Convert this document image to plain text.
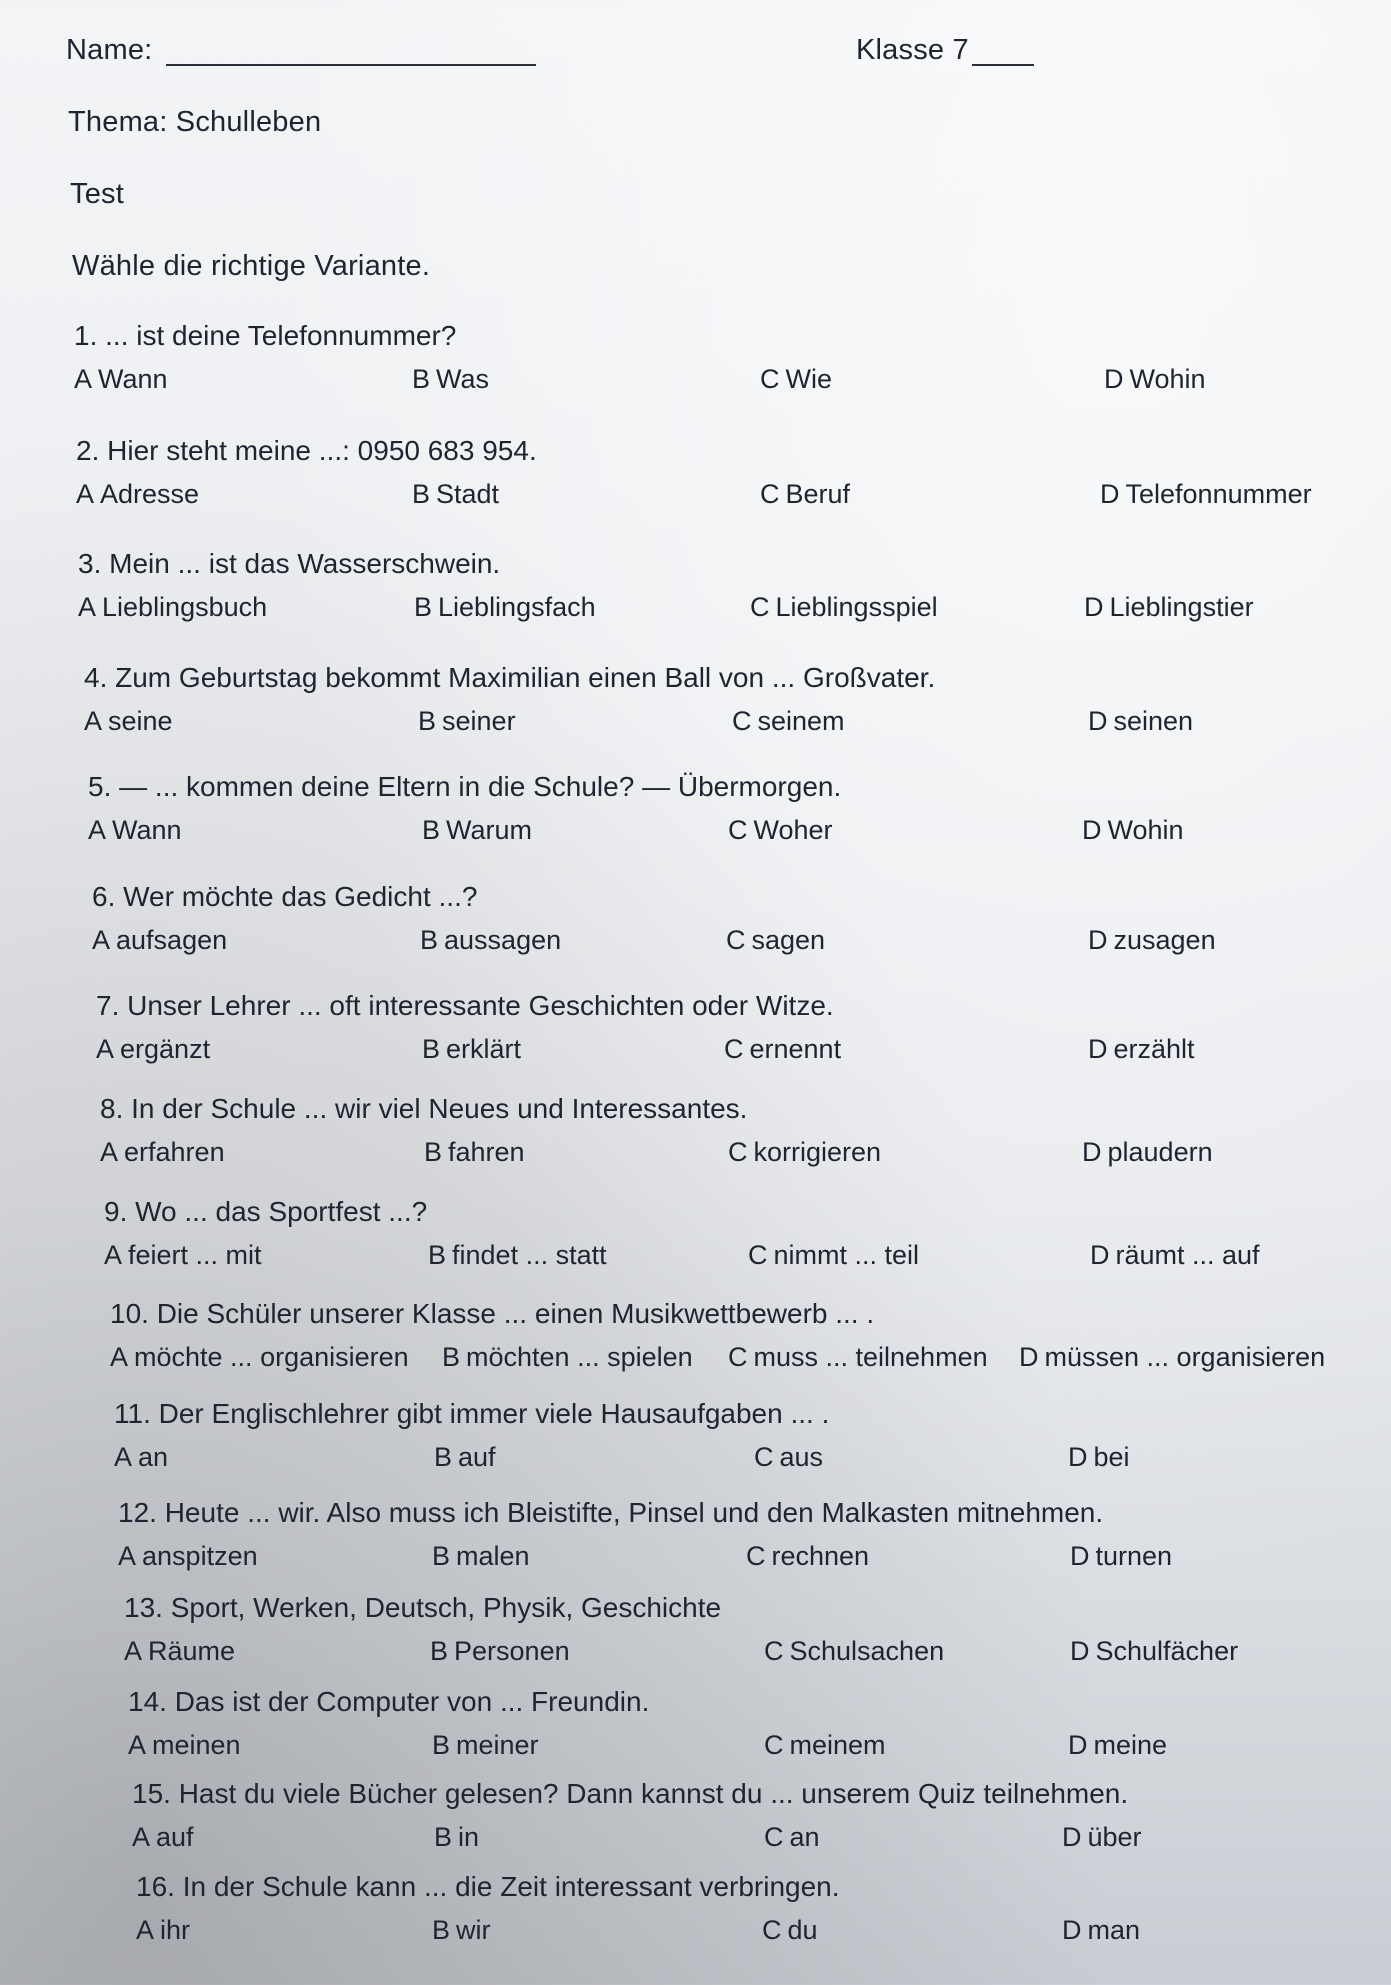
Name:	Klasse 7
Thema: Schulleben
Test
Wähle die richtige Variante.
1. ... ist deine Telefonnummer?
A Wann	B Was	C Wie	D Wohin
2. Hier steht meine ...: 0950 683 954.
A Adresse	B Stadt	C Beruf	D Telefonnummer
3. Mein ... ist das Wasserschwein.
A Lieblingsbuch	B Lieblingsfach	C Lieblingsspiel	D Lieblingstier
4. Zum Geburtstag bekommt Maximilian einen Ball von ... Großvater.
A seine	B seiner	C seinem	D seinen
5. — ... kommen deine Eltern in die Schule? — Übermorgen.
A Wann	B Warum	C Woher	D Wohin
6. Wer möchte das Gedicht ...?
A aufsagen	B aussagen	C sagen	D zusagen
7. Unser Lehrer ... oft interessante Geschichten oder Witze.
A ergänzt	B erklärt	C ernennt	D erzählt
8. In der Schule ... wir viel Neues und Interessantes.
A erfahren	B fahren	C korrigieren	D plaudern
9. Wo ... das Sportfest ...?
A feiert ... mit	B findet ... statt	C nimmt ... teil	D räumt ... auf
10. Die Schüler unserer Klasse ... einen Musikwettbewerb ... .
A möchte ... organisieren B möchten ... spielen C muss ... teilnehmen D müssen ... organisieren
11. Der Englischlehrer gibt immer viele Hausaufgaben ... .
A an	B auf	C aus	D bei
12. Heute ... wir. Also muss ich Bleistifte, Pinsel und den Malkasten mitnehmen.
A anspitzen	B malen	C rechnen	D turnen
13. Sport, Werken, Deutsch, Physik, Geschichte
A Räume	B Personen	C Schulsachen	D Schulfächer
14. Das ist der Computer von ... Freundin.
A meinen	B meiner	C meinem	D meine
15. Hast du viele Bücher gelesen? Dann kannst du ... unserem Quiz teilnehmen.
A auf	B in	C an	D über
16. In der Schule kann ... die Zeit interessant verbringen.
A ihr	B wir	C du	D man
